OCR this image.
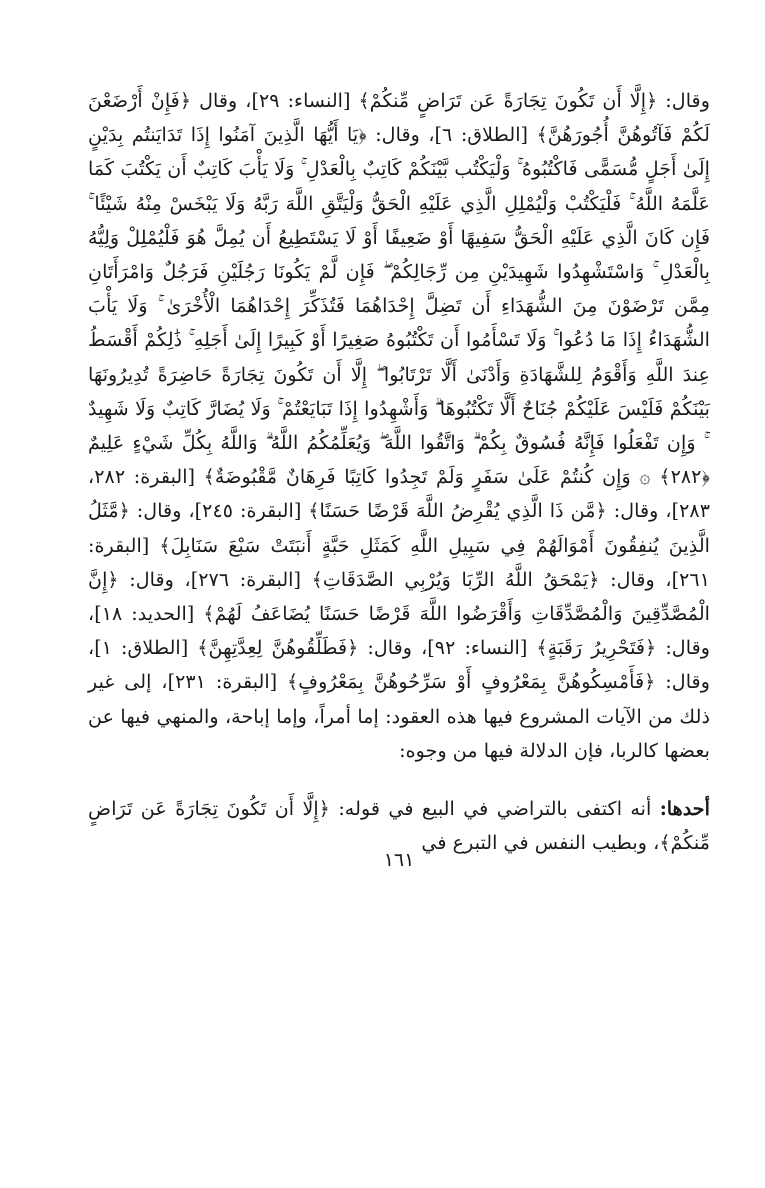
وقال: ﴿إِلَّا أَن تَكُونَ تِجَارَةً عَن تَرَاضٍ مِّنكُمْ﴾ [النساء: ٢٩]، وقال ﴿فَإِنْ أَرْضَعْنَ لَكُمْ فَآتُوهُنَّ أُجُورَهُنَّ﴾ [الطلاق: ٦]، وقال: ﴿يَا أَيُّهَا الَّذِينَ آمَنُوا إِذَا تَدَايَنتُم بِدَيْنٍ إِلَىٰ أَجَلٍ مُّسَمًّى فَاكْتُبُوهُ ۚ وَلْيَكْتُب بَّيْنَكُمْ كَاتِبٌ بِالْعَدْلِ ۚ وَلَا يَأْبَ كَاتِبٌ أَن يَكْتُبَ كَمَا عَلَّمَهُ اللَّهُ ۚ فَلْيَكْتُبْ وَلْيُمْلِلِ الَّذِي عَلَيْهِ الْحَقُّ وَلْيَتَّقِ اللَّهَ رَبَّهُ وَلَا يَبْخَسْ مِنْهُ شَيْئًا ۚ فَإِن كَانَ الَّذِي عَلَيْهِ الْحَقُّ سَفِيهًا أَوْ ضَعِيفًا أَوْ لَا يَسْتَطِيعُ أَن يُمِلَّ هُوَ فَلْيُمْلِلْ وَلِيُّهُ بِالْعَدْلِ ۚ وَاسْتَشْهِدُوا شَهِيدَيْنِ مِن رِّجَالِكُمْ ۖ فَإِن لَّمْ يَكُونَا رَجُلَيْنِ فَرَجُلٌ وَامْرَأَتَانِ مِمَّن تَرْضَوْنَ مِنَ الشُّهَدَاءِ أَن تَضِلَّ إِحْدَاهُمَا فَتُذَكِّرَ إِحْدَاهُمَا الْأُخْرَىٰ ۚ وَلَا يَأْبَ الشُّهَدَاءُ إِذَا مَا دُعُوا ۚ وَلَا تَسْأَمُوا أَن تَكْتُبُوهُ صَغِيرًا أَوْ كَبِيرًا إِلَىٰ أَجَلِهِ ۚ ذَٰلِكُمْ أَقْسَطُ عِندَ اللَّهِ وَأَقْوَمُ لِلشَّهَادَةِ وَأَدْنَىٰ أَلَّا تَرْتَابُوا ۖ إِلَّا أَن تَكُونَ تِجَارَةً حَاضِرَةً تُدِيرُونَهَا بَيْنَكُمْ فَلَيْسَ عَلَيْكُمْ جُنَاحٌ أَلَّا تَكْتُبُوهَا ۗ وَأَشْهِدُوا إِذَا تَبَايَعْتُمْ ۚ وَلَا يُضَارَّ كَاتِبٌ وَلَا شَهِيدٌ ۚ وَإِن تَفْعَلُوا فَإِنَّهُ فُسُوقٌ بِكُمْ ۗ وَاتَّقُوا اللَّهَ ۖ وَيُعَلِّمُكُمُ اللَّهُ ۗ وَاللَّهُ بِكُلِّ شَيْءٍ عَلِيمٌ ﴿٢٨٢﴾ ۞ وَإِن كُنتُمْ عَلَىٰ سَفَرٍ وَلَمْ تَجِدُوا كَاتِبًا فَرِهَانٌ مَّقْبُوضَةٌ﴾ [البقرة: ٢٨٢، ٢٨٣]، وقال: ﴿مَّن ذَا الَّذِي يُقْرِضُ اللَّهَ قَرْضًا حَسَنًا﴾ [البقرة: ٢٤٥]، وقال: ﴿مَّثَلُ الَّذِينَ يُنفِقُونَ أَمْوَالَهُمْ فِي سَبِيلِ اللَّهِ كَمَثَلِ حَبَّةٍ أَنبَتَتْ سَبْعَ سَنَابِلَ﴾ [البقرة: ٢٦١]، وقال: ﴿يَمْحَقُ اللَّهُ الرِّبَا وَيُرْبِي الصَّدَقَاتِ﴾ [البقرة: ٢٧٦]، وقال: ﴿إِنَّ الْمُصَّدِّقِينَ وَالْمُصَّدِّقَاتِ وَأَقْرَضُوا اللَّهَ قَرْضًا حَسَنًا يُضَاعَفُ لَهُمْ﴾ [الحديد: ١٨]، وقال: ﴿فَتَحْرِيرُ رَقَبَةٍ﴾ [النساء: ٩٢]، وقال: ﴿فَطَلِّقُوهُنَّ لِعِدَّتِهِنَّ﴾ [الطلاق: ١]، وقال: ﴿فَأَمْسِكُوهُنَّ بِمَعْرُوفٍ أَوْ سَرِّحُوهُنَّ بِمَعْرُوفٍ﴾ [البقرة: ٢٣١]، إلى غير ذلك من الآيات المشروع فيها هذه العقود: إما أمراً، وإما إباحة، والمنهي فيها عن بعضها كالربا، فإن الدلالة فيها من وجوه:

أحدها: أنه اكتفى بالتراضي في البيع في قوله: ﴿إِلَّا أَن تَكُونَ تِجَارَةً عَن تَرَاضٍ مِّنكُمْ﴾، وبطيب النفس في التبرع في

١٦١
